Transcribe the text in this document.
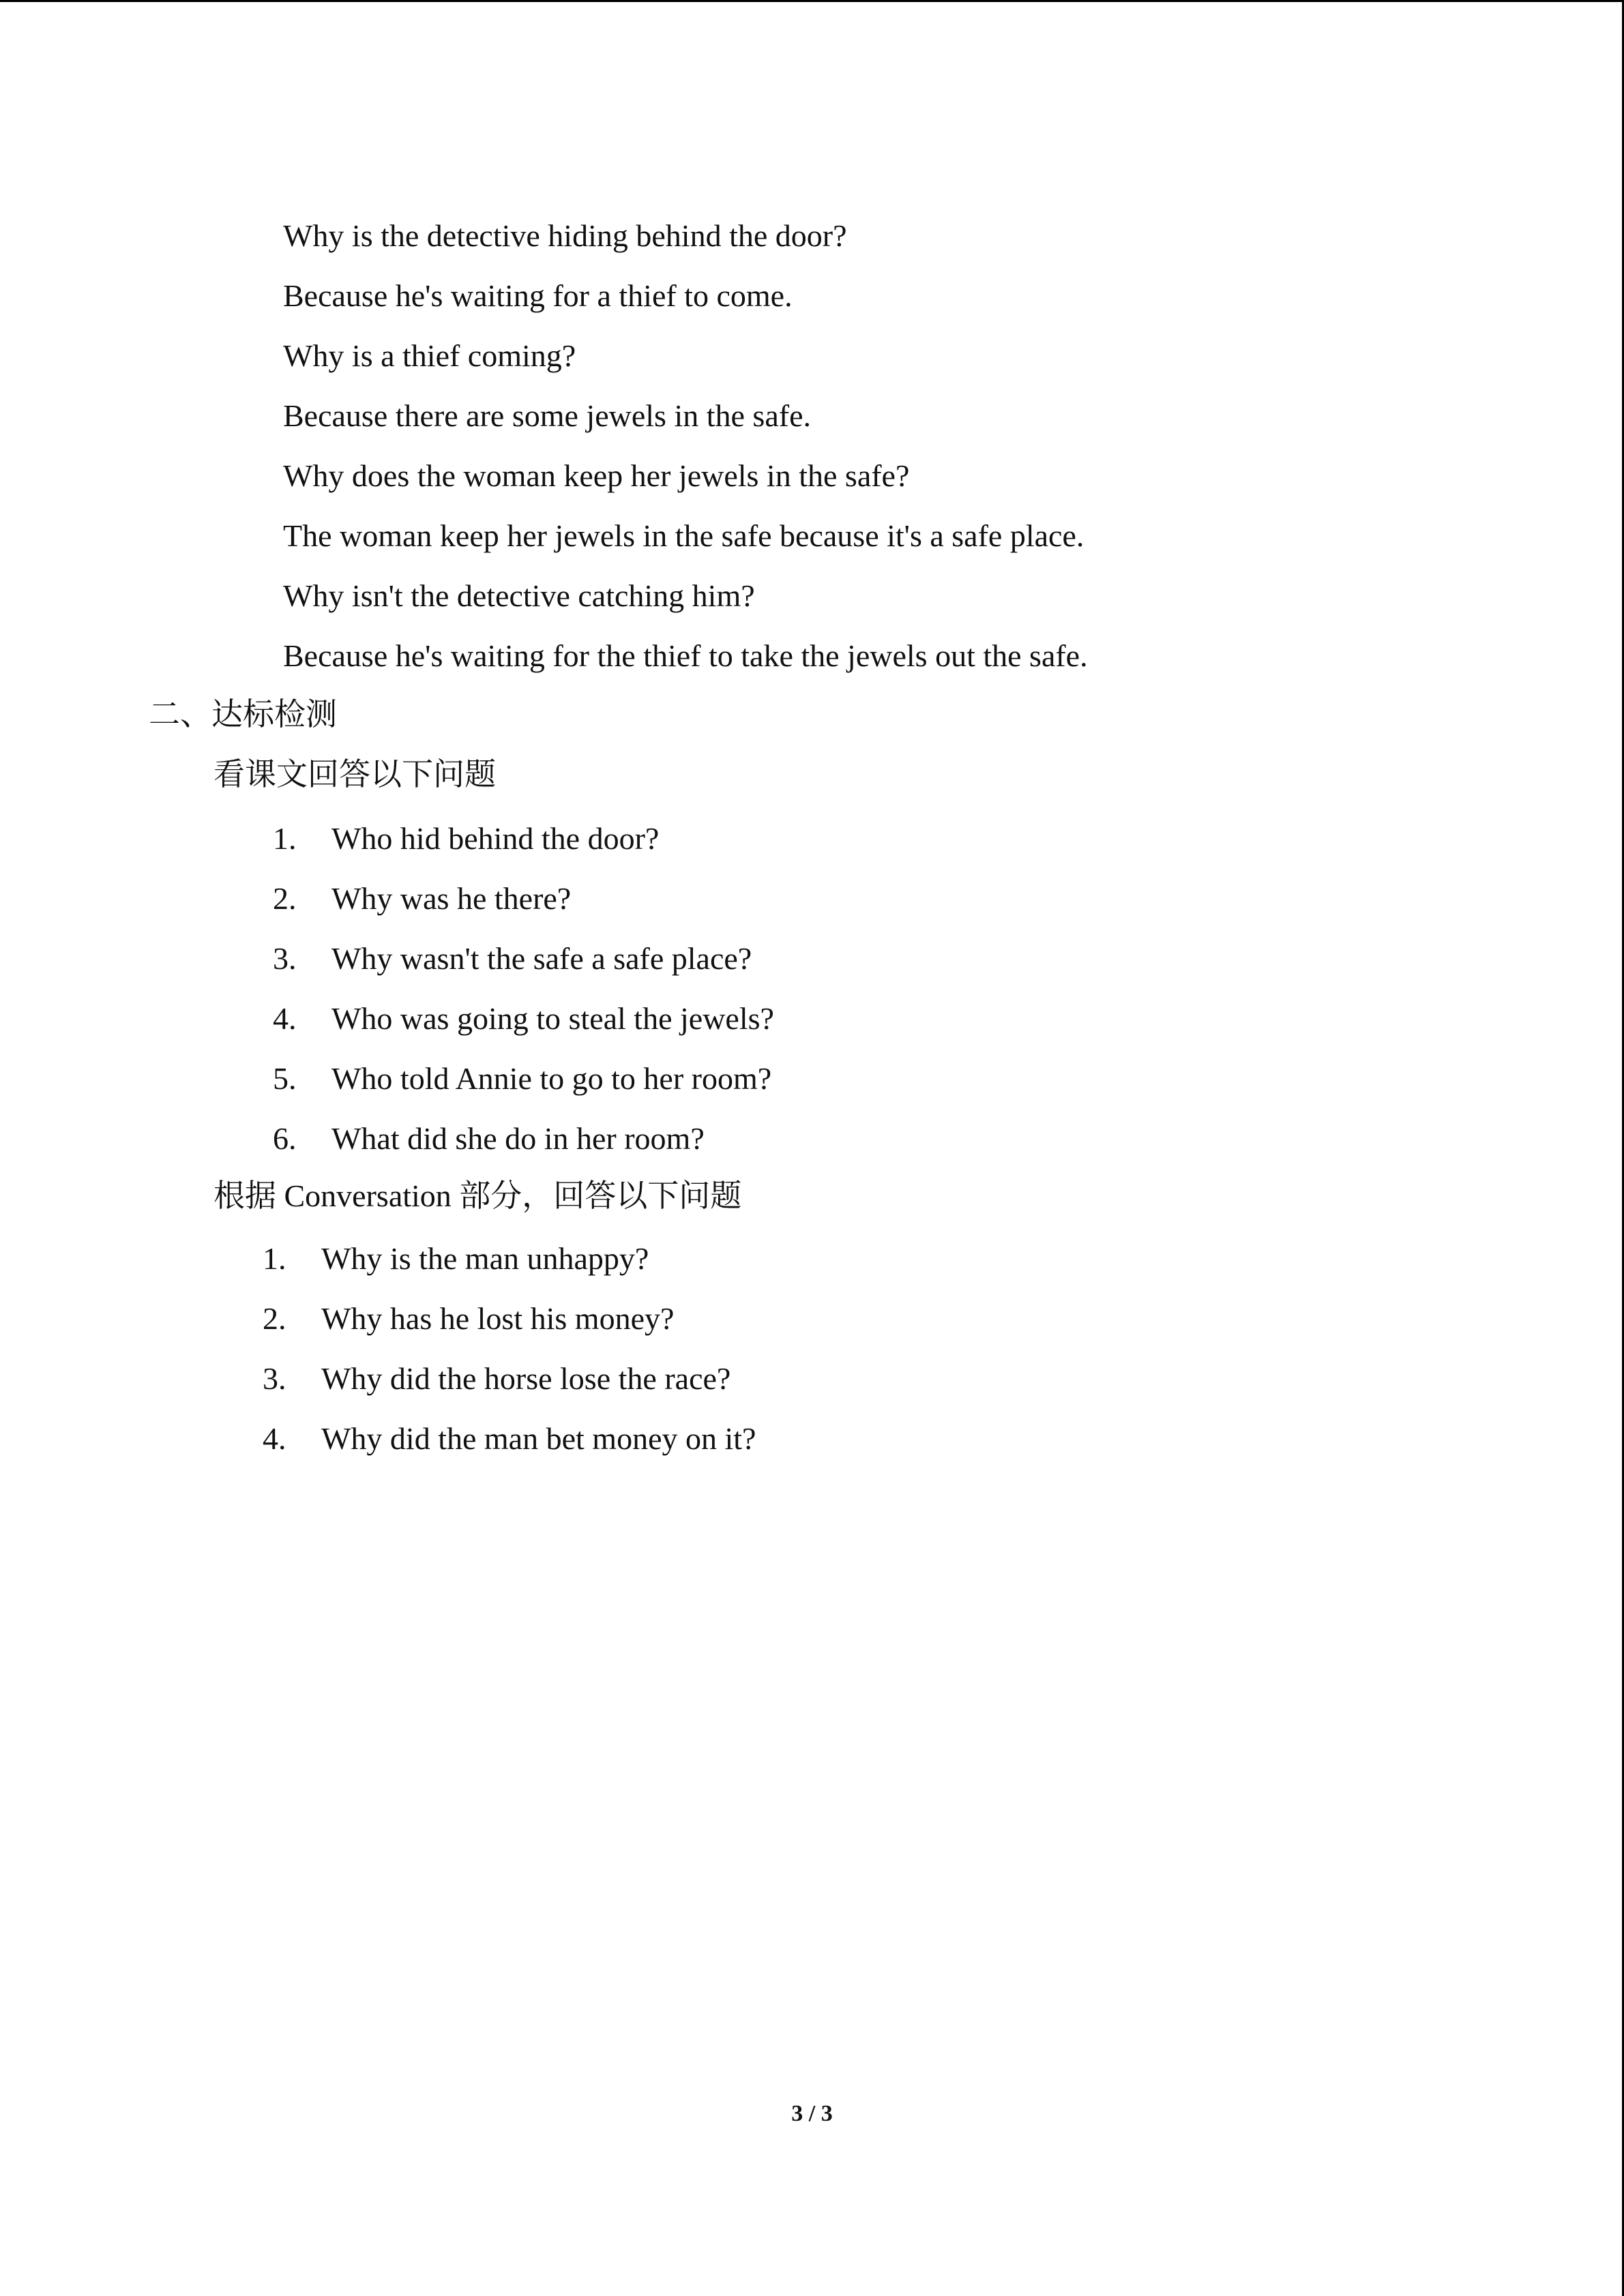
Why is the detective hiding behind the door?
Because he's waiting for a thief to come.
Why is a thief coming?
Because there are some jewels in the safe.
Why does the woman keep her jewels in the safe?
The woman keep her jewels in the safe because it's a safe place.
Why isn't the detective catching him?
Because he's waiting for the thief to take the jewels out the safe.
二、达标检测
看课文回答以下问题
1. Who hid behind the door?
2. Why was he there?
3. Why wasn't the safe a safe place?
4. Who was going to steal the jewels?
5. Who told Annie to go to her room?
6. What did she do in her room?
根据 Conversation 部分，回答以下问题
1. Why is the man unhappy?
2. Why has he lost his money?
3. Why did the horse lose the race?
4. Why did the man bet money on it?
3 / 3
